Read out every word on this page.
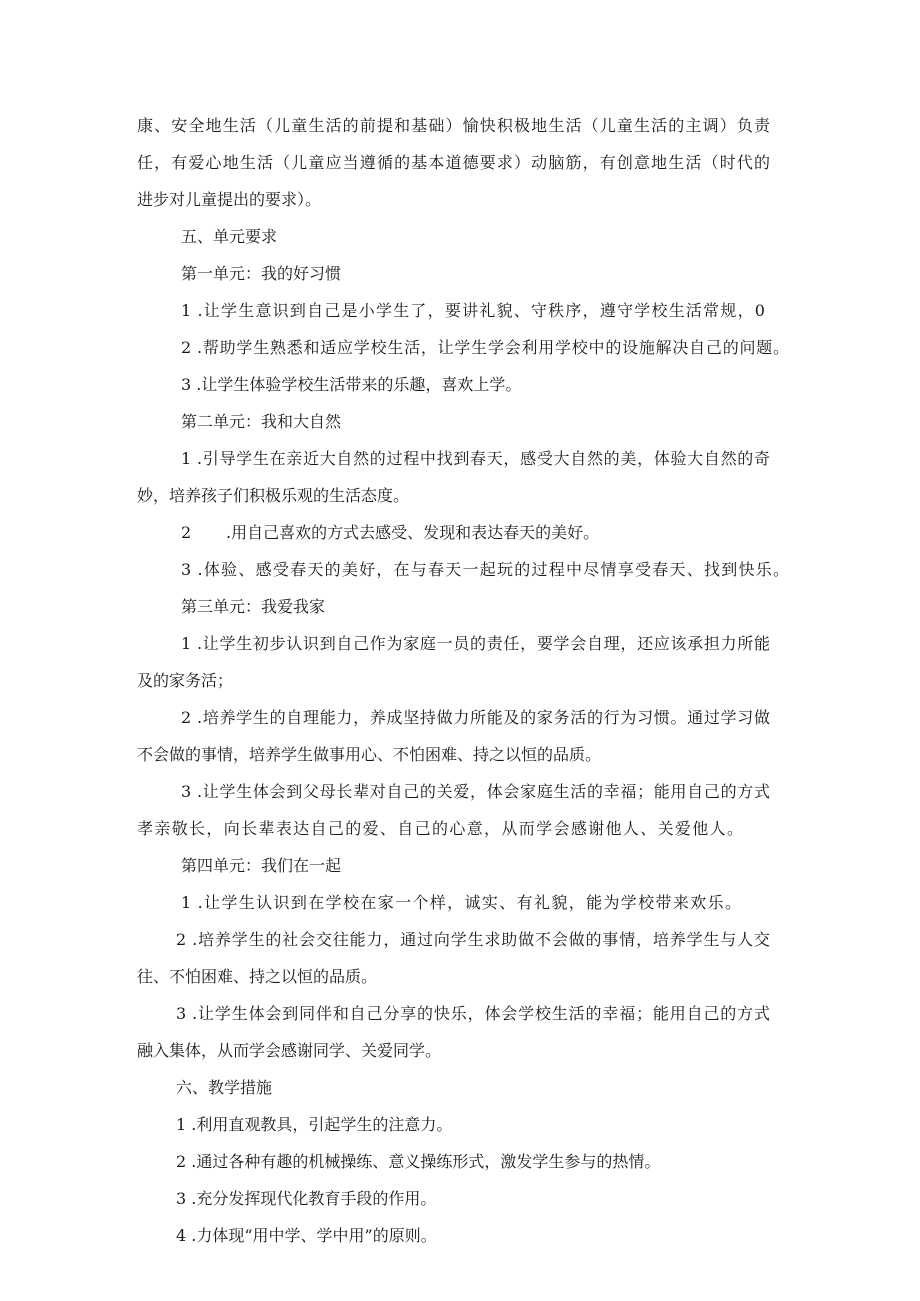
康、安全地生活（儿童生活的前提和基础）愉快积极地生活（儿童生活的主调）负责
任，有爱心地生活（儿童应当遵循的基本道德要求）动脑筋，有创意地生活（时代的
进步对儿童提出的要求）。
五、单元要求
第一单元：我的好习惯
1 .让学生意识到自己是小学生了，要讲礼貌、守秩序，遵守学校生活常规，0
2 .帮助学生熟悉和适应学校生活，让学生学会利用学校中的设施解决自己的问题。
3 .让学生体验学校生活带来的乐趣，喜欢上学。
第二单元：我和大自然
1 .引导学生在亲近大自然的过程中找到春天，感受大自然的美，体验大自然的奇
妙，培养孩子们积极乐观的生活态度。
2 .用自己喜欢的方式去感受、发现和表达春天的美好。
3 .体验、感受春天的美好，在与春天一起玩的过程中尽情享受春天、找到快乐。
第三单元：我爱我家
1 .让学生初步认识到自己作为家庭一员的责任，要学会自理，还应该承担力所能
及的家务活；
2 .培养学生的自理能力，养成坚持做力所能及的家务活的行为习惯。通过学习做
不会做的事情，培养学生做事用心、不怕困难、持之以恒的品质。
3 .让学生体会到父母长辈对自己的关爱，体会家庭生活的幸福；能用自己的方式
孝亲敬长，向长辈表达自己的爱、自己的心意，从而学会感谢他人、关爱他人。
第四单元：我们在一起
1 .让学生认识到在学校在家一个样，诚实、有礼貌，能为学校带来欢乐。
2 .培养学生的社会交往能力，通过向学生求助做不会做的事情，培养学生与人交
往、不怕困难、持之以恒的品质。
3 .让学生体会到同伴和自己分享的快乐，体会学校生活的幸福；能用自己的方式
融入集体，从而学会感谢同学、关爱同学。
六、教学措施
1 .利用直观教具，引起学生的注意力。
2 .通过各种有趣的机械操练、意义操练形式，激发学生参与的热情。
3 .充分发挥现代化教育手段的作用。
4 .力体现“用中学、学中用”的原则。
